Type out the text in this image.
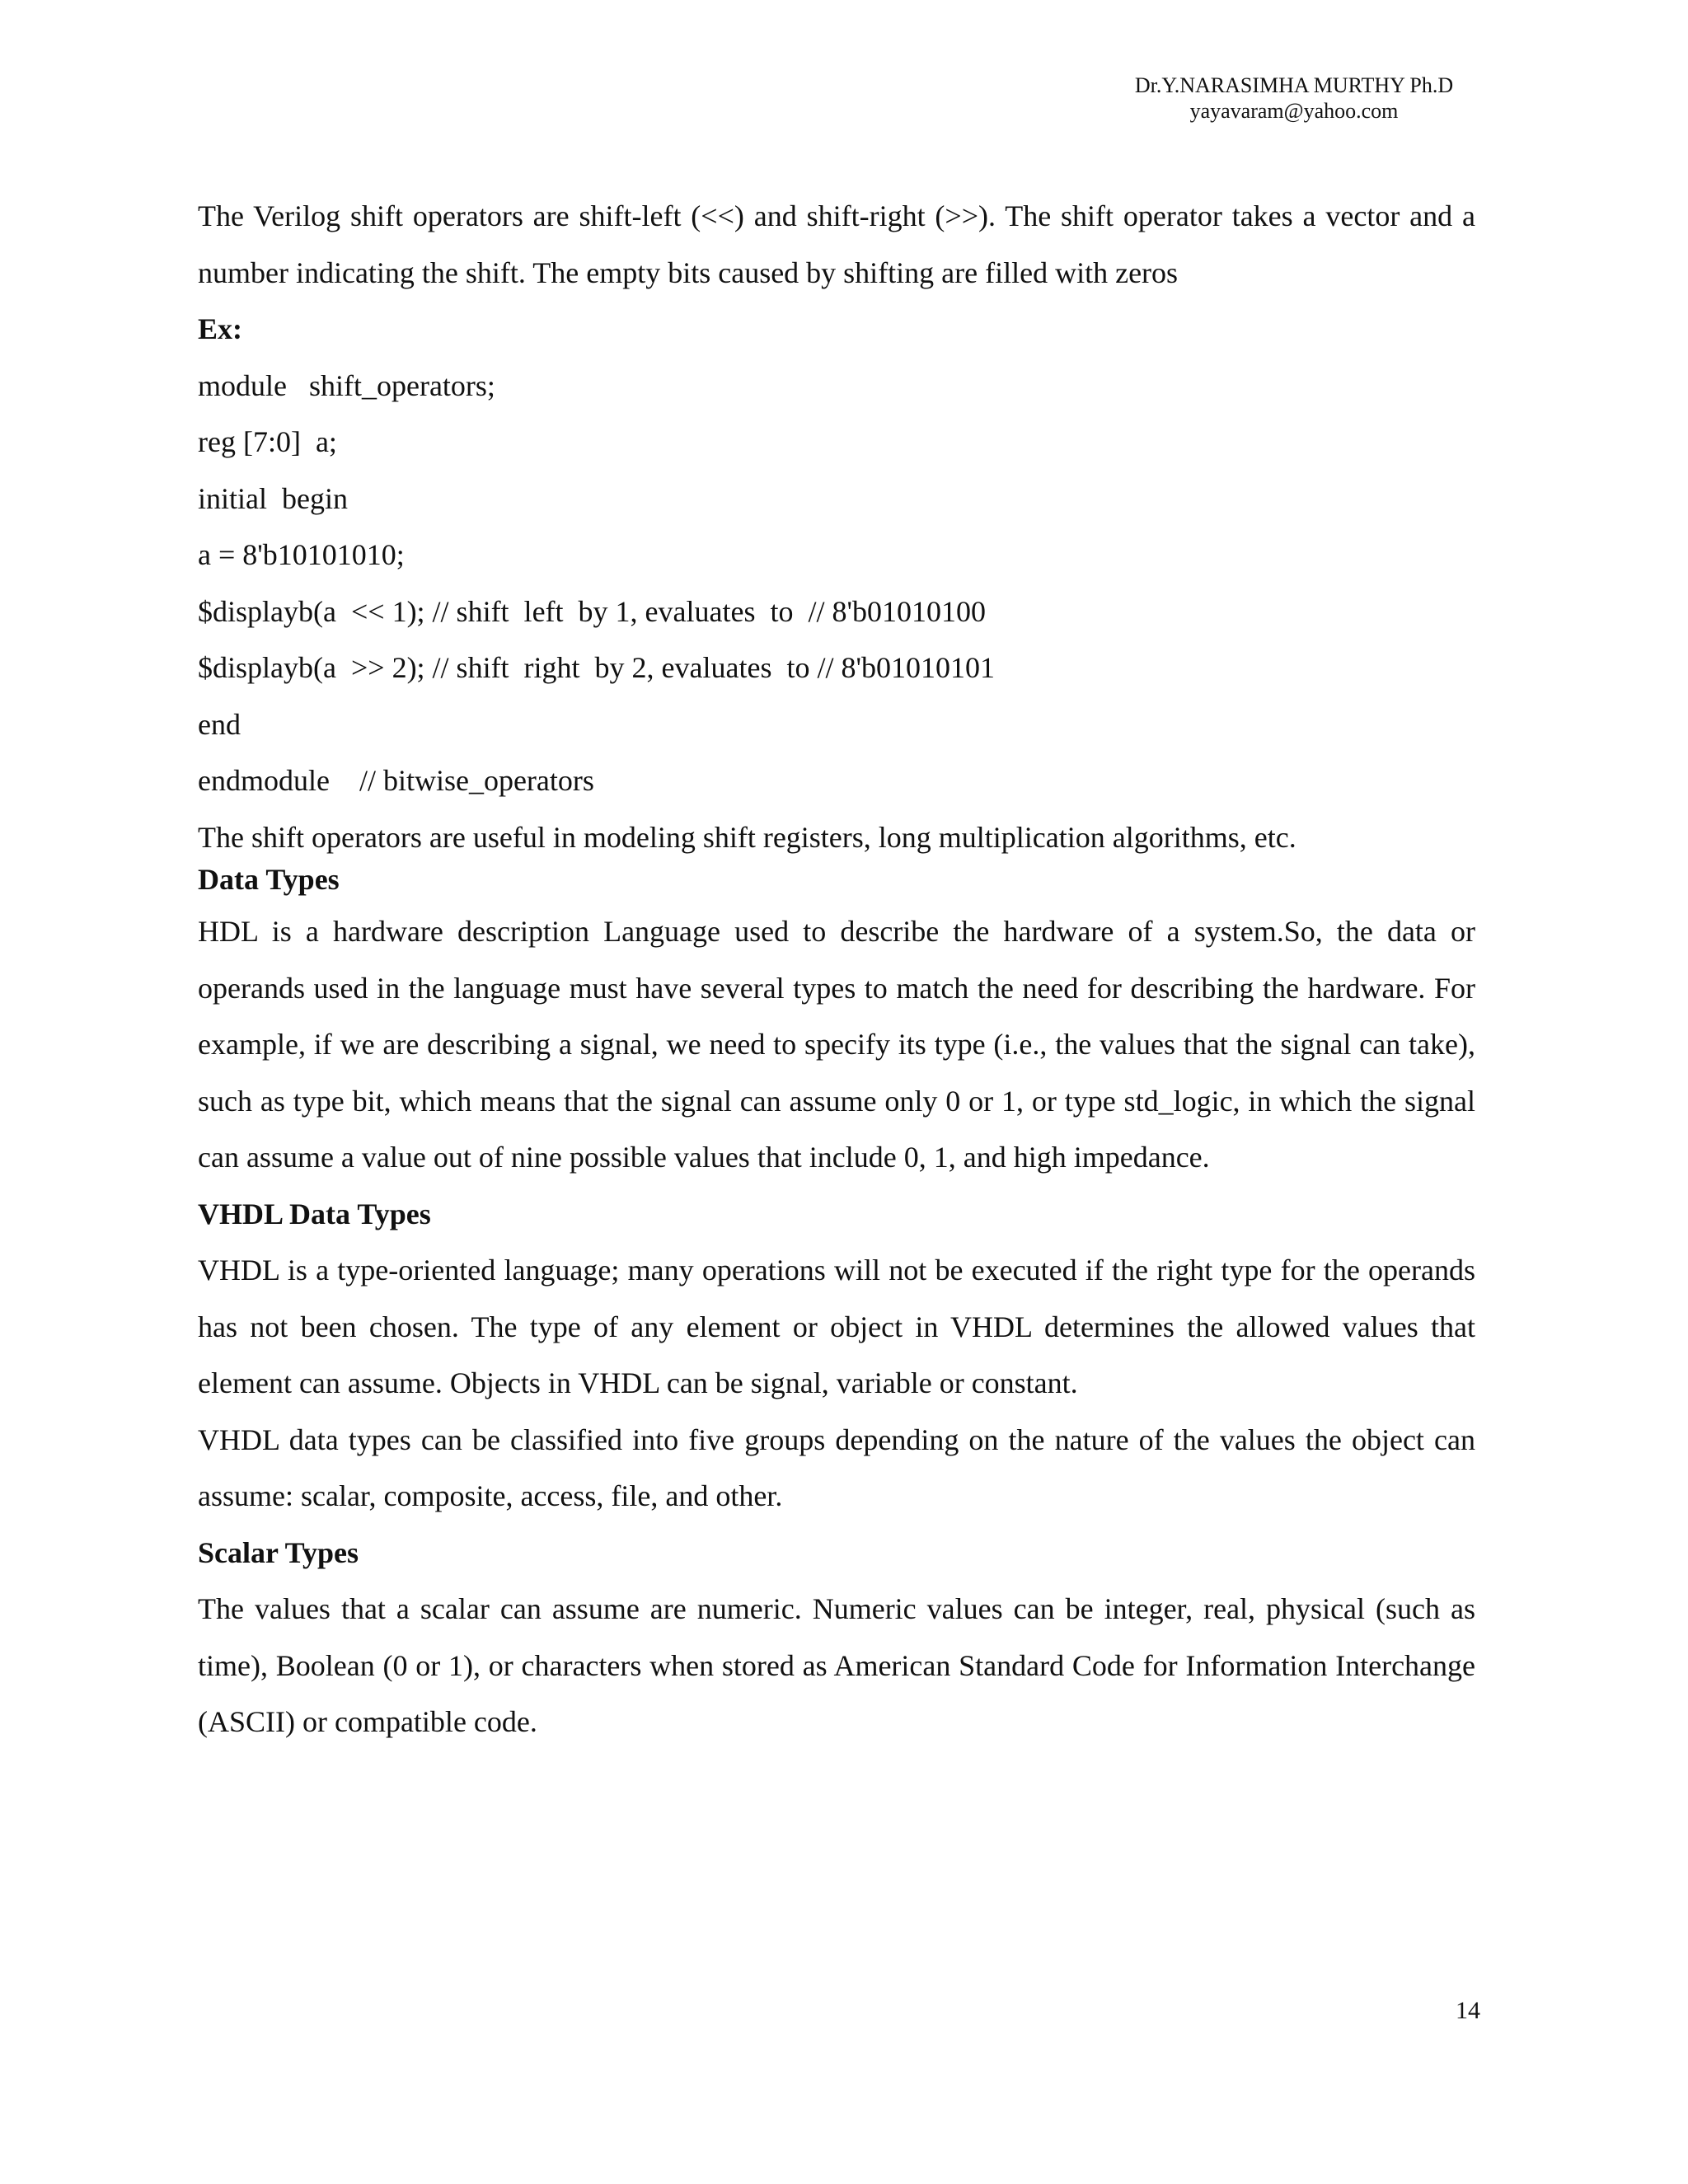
Dr.Y.NARASIMHA MURTHY Ph.D
yayavaram@yahoo.com

The Verilog shift operators are shift-left (<<) and shift-right (>>). The shift operator takes a vector and a number indicating the shift. The empty bits caused by shifting are filled with zeros

Ex:
module   shift_operators;
reg [7:0]  a;
initial  begin
a = 8'b10101010;
$displayb(a  << 1); // shift  left  by 1, evaluates  to  // 8'b01010100
$displayb(a  >> 2); // shift  right  by 2, evaluates  to // 8'b01010101
end
endmodule    // bitwise_operators
The shift operators are useful in modeling shift registers, long multiplication algorithms, etc.
Data Types

HDL is a hardware description Language used to describe the hardware of a system.So, the data or operands used in the language must have several types to match the need for describing the hardware. For example, if we are describing a signal, we need to specify its type (i.e., the values that the signal can take), such as type bit, which means that the signal can assume only 0 or 1, or type std_logic, in which the signal can assume a value out of nine possible values that include 0, 1, and high impedance.

VHDL Data Types

VHDL is a type-oriented language; many operations will not be executed if the right type for the operands has not been chosen. The type of any element or object in VHDL determines the allowed values that element can assume. Objects in VHDL can be signal, variable or constant.

VHDL data types can be classified into five groups depending on the nature of the values the object can assume: scalar, composite, access, file, and other.

Scalar Types

The values that a scalar can assume are numeric. Numeric values can be integer, real, physical (such as time), Boolean (0 or 1), or characters when stored as American Standard Code for Information Interchange (ASCII) or compatible code.

14
